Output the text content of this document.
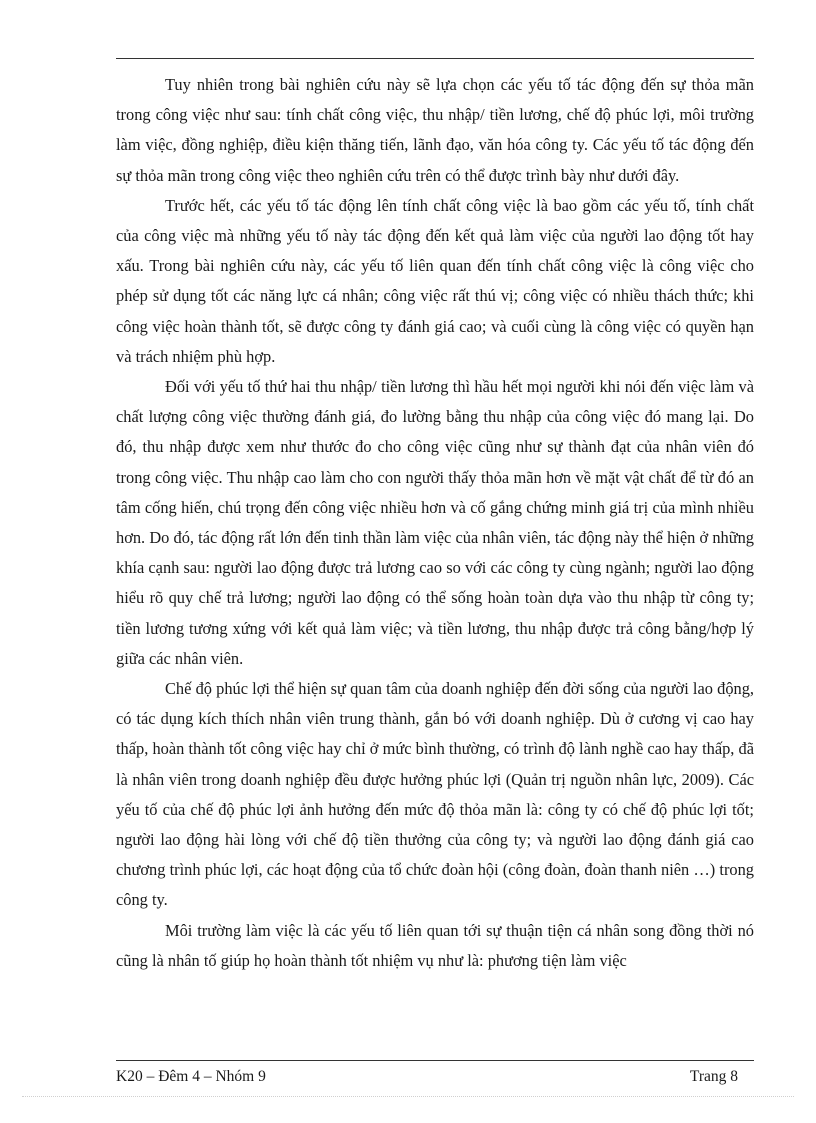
Tuy nhiên trong bài nghiên cứu này sẽ lựa chọn các yếu tố tác động đến sự thỏa mãn trong công việc như sau: tính chất công việc, thu nhập/ tiền lương, chế độ phúc lợi, môi trường làm việc, đồng nghiệp, điều kiện thăng tiến, lãnh đạo, văn hóa công ty. Các yếu tố tác động đến sự thỏa mãn trong công việc theo nghiên cứu trên có thể được trình bày như dưới đây.

Trước hết, các yếu tố tác động lên tính chất công việc là bao gồm các yếu tố, tính chất của công việc mà những yếu tố này tác động đến kết quả làm việc của người lao động tốt hay xấu. Trong bài nghiên cứu này, các yếu tố liên quan đến tính chất công việc là công việc cho phép sử dụng tốt các năng lực cá nhân; công việc rất thú vị; công việc có nhiều thách thức; khi công việc hoàn thành tốt, sẽ được công ty đánh giá cao; và cuối cùng là công việc có quyền hạn và trách nhiệm phù hợp.

Đối với yếu tố thứ hai thu nhập/ tiền lương thì hầu hết mọi người khi nói đến việc làm và chất lượng công việc thường đánh giá, đo lường bằng thu nhập của công việc đó mang lại. Do đó, thu nhập được xem như thước đo cho công việc cũng như sự thành đạt của nhân viên đó trong công việc. Thu nhập cao làm cho con người thấy thỏa mãn hơn về mặt vật chất để từ đó an tâm cống hiến, chú trọng đến công việc nhiều hơn và cố gắng chứng minh giá trị của mình nhiều hơn. Do đó, tác động rất lớn đến tinh thần làm việc của nhân viên, tác động này thể hiện ở những khía cạnh sau: người lao động được trả lương cao so với các công ty cùng ngành; người lao động hiểu rõ quy chế trả lương; người lao động có thể sống hoàn toàn dựa vào thu nhập từ công ty; tiền lương tương xứng với kết quả làm việc; và tiền lương, thu nhập được trả công bằng/hợp lý giữa các nhân viên.

Chế độ phúc lợi thể hiện sự quan tâm của doanh nghiệp đến đời sống của người lao động, có tác dụng kích thích nhân viên trung thành, gắn bó với doanh nghiệp. Dù ở cương vị cao hay thấp, hoàn thành tốt công việc hay chỉ ở mức bình thường, có trình độ lành nghề cao hay thấp, đã là nhân viên trong doanh nghiệp đều được hưởng phúc lợi (Quản trị nguồn nhân lực, 2009). Các yếu tố của chế độ phúc lợi ảnh hưởng đến mức độ thỏa mãn là: công ty có chế độ phúc lợi tốt; người lao động hài lòng với chế độ tiền thưởng của công ty; và người lao động đánh giá cao chương trình phúc lợi, các hoạt động của tổ chức đoàn hội (công đoàn, đoàn thanh niên …) trong công ty.

Môi trường làm việc là các yếu tố liên quan tới sự thuận tiện cá nhân song đồng thời nó cũng là nhân tố giúp họ hoàn thành tốt nhiệm vụ như là: phương tiện làm việc

K20 – Đêm 4 – Nhóm 9	Trang 8
